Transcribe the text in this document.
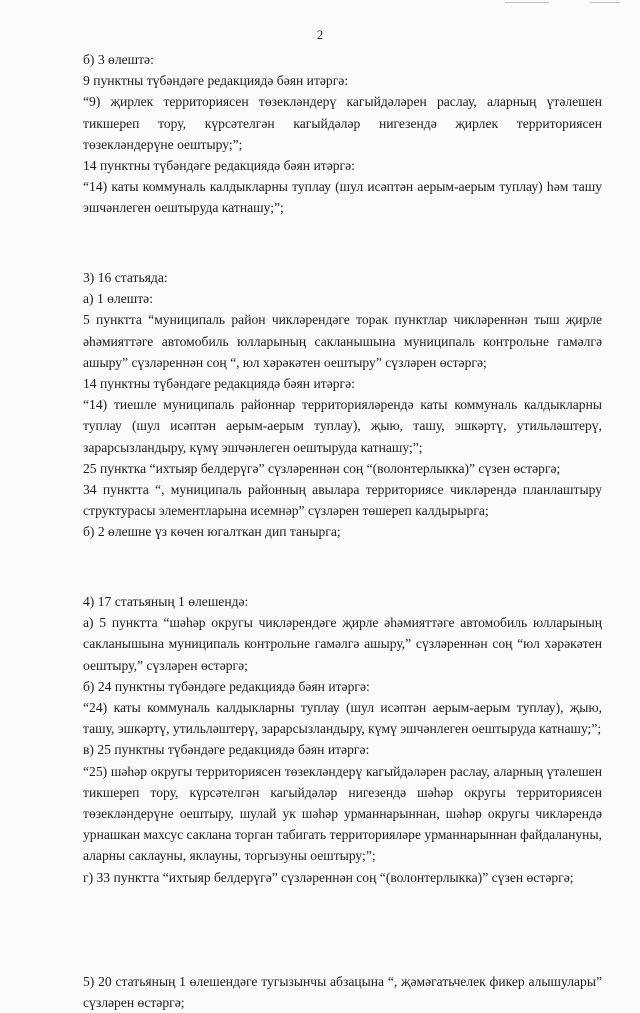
2

б) 3 өлештә:

9 пунктны түбәндәге редакциядә бәян итәргә:

“9) җирлек территориясен төзекләндерү кагыйдәләрен раслау, аларның үтәлешен тикшереп тору, күрсәтелгән кагыйдәләр нигезендә җирлек территориясен төзекләндерүне оештыру;”;

14 пунктны түбәндәге редакциядә бәян итәргә:

“14) каты коммуналь калдыкларны туплау (шул исәптән аерым-аерым туплау) һәм ташу эшчәнлеген оештыруда катнашу;”;

3) 16 статьяда:

а) 1 өлештә:

5 пунктта “муниципаль район чикләрендәге торак пунктлар чикләреннән тыш җирле әһәмияттәге автомобиль юлларының сакланышына муниципаль контрольне гамәлгә ашыру” сүзләреннән соң “, юл хәрәкәтен оештыру” сүзләрен өстәргә;

14 пунктны түбәндәге редакциядә бәян итәргә:

“14) тиешле муниципаль районнар территорияләрендә каты коммуналь калдыкларны туплау (шул исәптән аерым-аерым туплау), җыю, ташу, эшкәртү, утильләштерү, зарарсызландыру, күмү эшчәнлеген оештыруда катнашу;”;

25 пунктка “ихтыяр белдерүгә” сүзләреннән соң “(волонтерлыкка)” сүзен өстәргә;

34 пунктта “, муниципаль районның авылара территориясе чикләрендә планлаштыру структурасы элементларына исемнәр” сүзләрен төшереп калдырырга;

б) 2 өлешне үз көчен югалткан дип танырга;

4) 17 статьяның 1 өлешендә:

а) 5 пунктта “шәһәр округы чикләрендәге җирле әһәмияттәге автомобиль юлларының сакланышына муниципаль контрольне гамәлгә ашыру,” сүзләреннән соң “юл хәрәкәтен оештыру,” сүзләрен өстәргә;

б) 24 пунктны түбәндәге редакциядә бәян итәргә:

“24) каты коммуналь калдыкларны туплау (шул исәптән аерым-аерым туплау), җыю, ташу, эшкәртү, утильләштерү, зарарсызландыру, күмү эшчәнлеген оештыруда катнашу;”;

в) 25 пунктны түбәндәге редакциядә бәян итәргә:

“25) шәһәр округы территориясен төзекләндерү кагыйдәләрен раслау, аларның үтәлешен тикшереп тору, күрсәтелгән кагыйдәләр нигезендә шәһәр округы территориясен төзекләндерүне оештыру, шулай ук шәһәр урманнарыннан, шәһәр округы чикләрендә урнашкан махсус саклана торган табигать территорияләре урманнарыннан файдалануны, аларны саклауны, яклауны, торгызуны оештыру;”;

г) 33 пунктта “ихтыяр белдерүгә” сүзләреннән соң “(волонтерлыкка)” сүзен өстәргә;

5) 20 статьяның 1 өлешендәге тугызынчы абзацына “, җәмәгатьчелек фикер алышулары” сүзләрен өстәргә;
